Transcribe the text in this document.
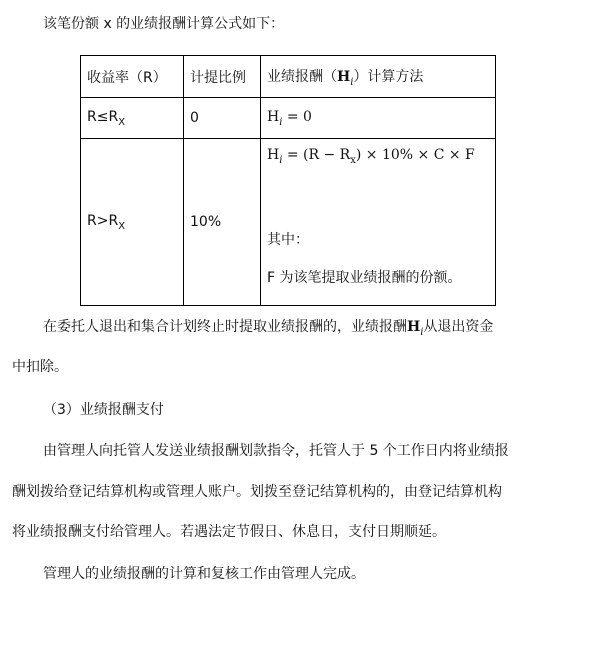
该笔份额 x 的业绩报酬计算公式如下：
收益率（R）	计提比例	业绩报酬$(H_i)$计算方法
$R\le R_X$	0	$H_i = 0$
$R>R_X$	10%	$H_i = (R - R_x) \times 10\% \times C \times F$
其中：
F 为该笔提取业绩报酬的份额。
在委托人退出和集合计划终止时提取业绩报酬的，业绩报酬$H_i$从退出资金
中扣除。
（3）业绩报酬支付
由管理人向托管人发送业绩报酬划款指令，托管人于 5 个工作日内将业绩报
酬划拨给登记结算机构或管理人账户。划拨至登记结算机构的，由登记结算机构
将业绩报酬支付给管理人。若遇法定节假日、休息日，支付日期顺延。
管理人的业绩报酬的计算和复核工作由管理人完成。
